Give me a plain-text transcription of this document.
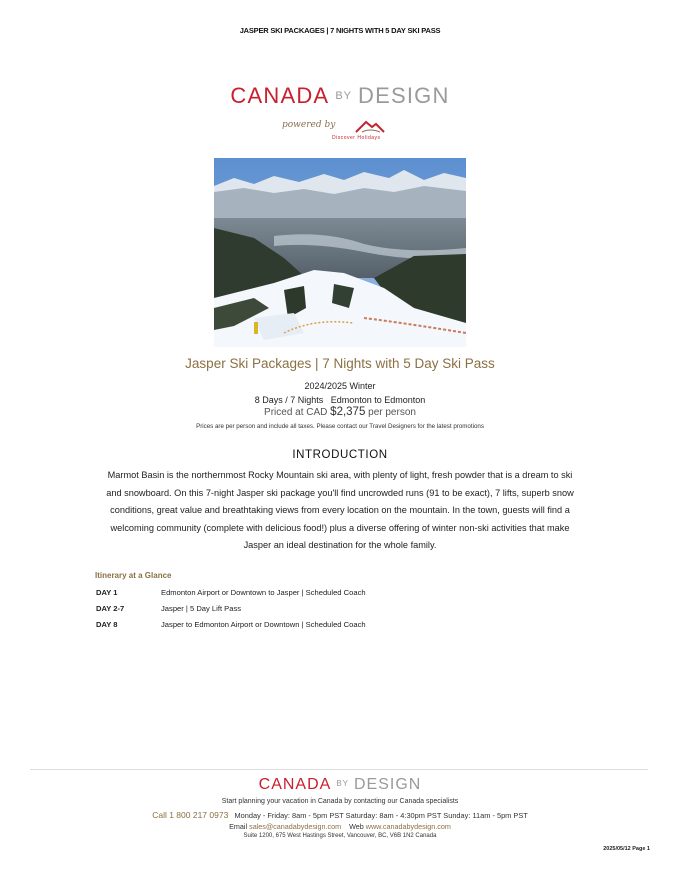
JASPER SKI PACKAGES | 7 NIGHTS WITH 5 DAY SKI PASS
CANADA BY DESIGN
powered by
Discover Holidays
Jasper Ski Packages | 7 Nights with 5 Day Ski Pass
2024/2025 Winter
8 Days / 7 Nights Edmonton to Edmonton
Priced at CAD $2,375 per person
Prices are per person and include all taxes. Please contact our Travel Designers for the latest promotions
INTRODUCTION
Marmot Basin is the northernmost Rocky Mountain ski area, with plenty of light, fresh powder that is a dream to ski and snowboard. On this 7-night Jasper ski package you'll find uncrowded runs (91 to be exact), 7 lifts, superb snow conditions, great value and breathtaking views from every location on the mountain. In the town, guests will find a welcoming community (complete with delicious food!) plus a diverse offering of winter non-ski activities that make Jasper an ideal destination for the whole family.
Itinerary at a Glance
DAY 1	Edmonton Airport or Downtown to Jasper | Scheduled Coach
DAY 2-7	Jasper | 5 Day Lift Pass
DAY 8	Jasper to Edmonton Airport or Downtown | Scheduled Coach
CANADA BY DESIGN
Start planning your vacation in Canada by contacting our Canada specialists
Call 1 800 217 0973 Monday - Friday: 8am - 5pm PST Saturday: 8am - 4:30pm PST Sunday: 11am - 5pm PST
Email sales@canadabydesign.com Web www.canadabydesign.com
Suite 1200, 675 West Hastings Street, Vancouver, BC, V6B 1N2 Canada
2025/05/12 Page 1
